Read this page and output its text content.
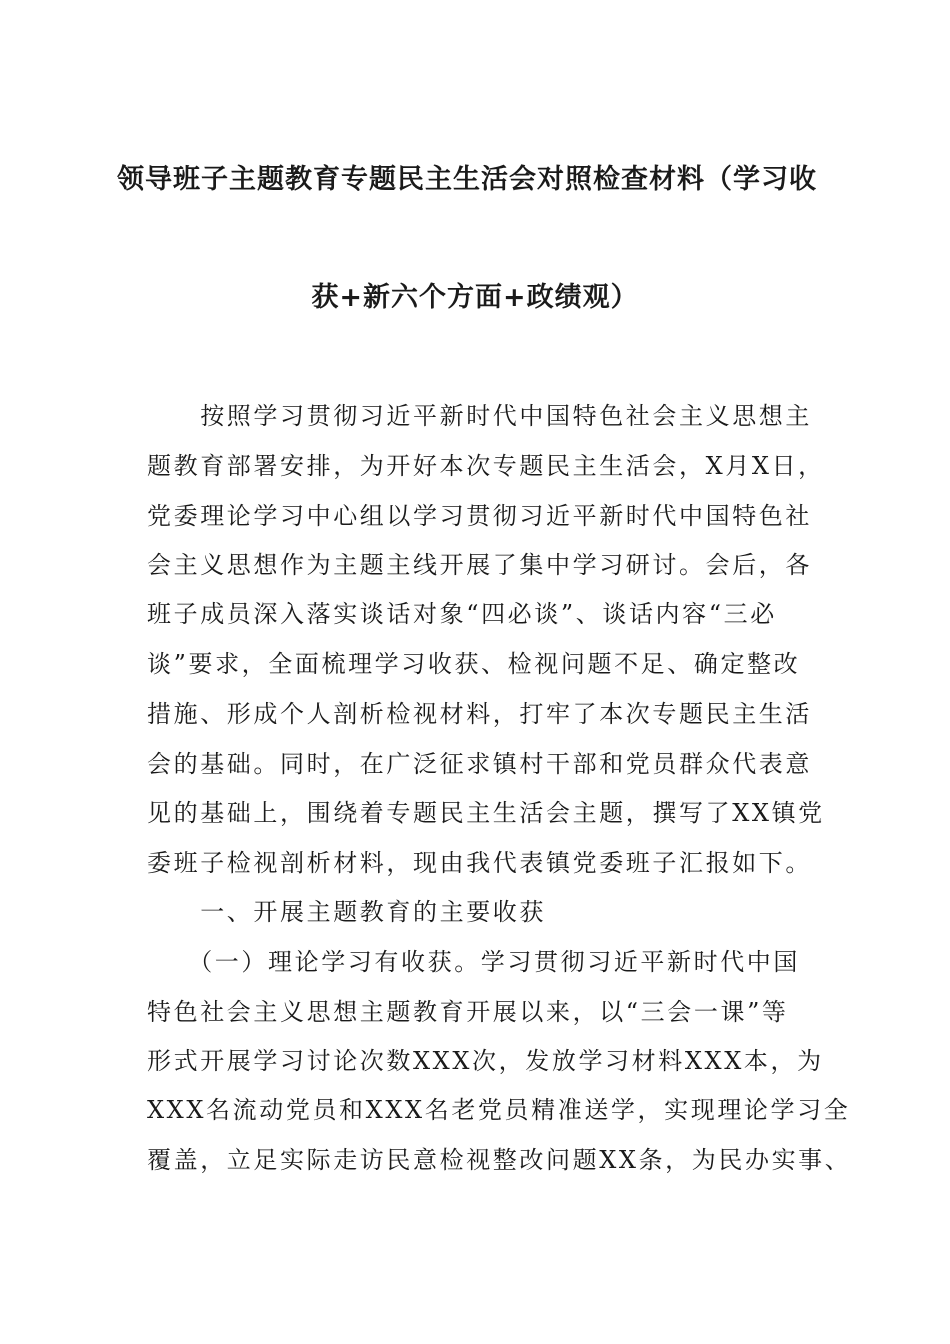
领导班子主题教育专题民主生活会对照检查材料（学习收
获+新六个方面+政绩观）
　　按照学习贯彻习近平新时代中国特色社会主义思想主
题教育部署安排，为开好本次专题民主生活会，X月X日，
党委理论学习中心组以学习贯彻习近平新时代中国特色社
会主义思想作为主题主线开展了集中学习研讨。会后，各
班子成员深入落实谈话对象“四必谈”、谈话内容“三必
谈”要求，全面梳理学习收获、检视问题不足、确定整改
措施、形成个人剖析检视材料，打牢了本次专题民主生活
会的基础。同时，在广泛征求镇村干部和党员群众代表意
见的基础上，围绕着专题民主生活会主题，撰写了XX镇党
委班子检视剖析材料，现由我代表镇党委班子汇报如下。
　　一、开展主题教育的主要收获
　　（一）理论学习有收获。学习贯彻习近平新时代中国
特色社会主义思想主题教育开展以来，以“三会一课”等
形式开展学习讨论次数XXX次，发放学习材料XXX本，为
XXX名流动党员和XXX名老党员精准送学，实现理论学习全
覆盖，立足实际走访民意检视整改问题XX条，为民办实事、
